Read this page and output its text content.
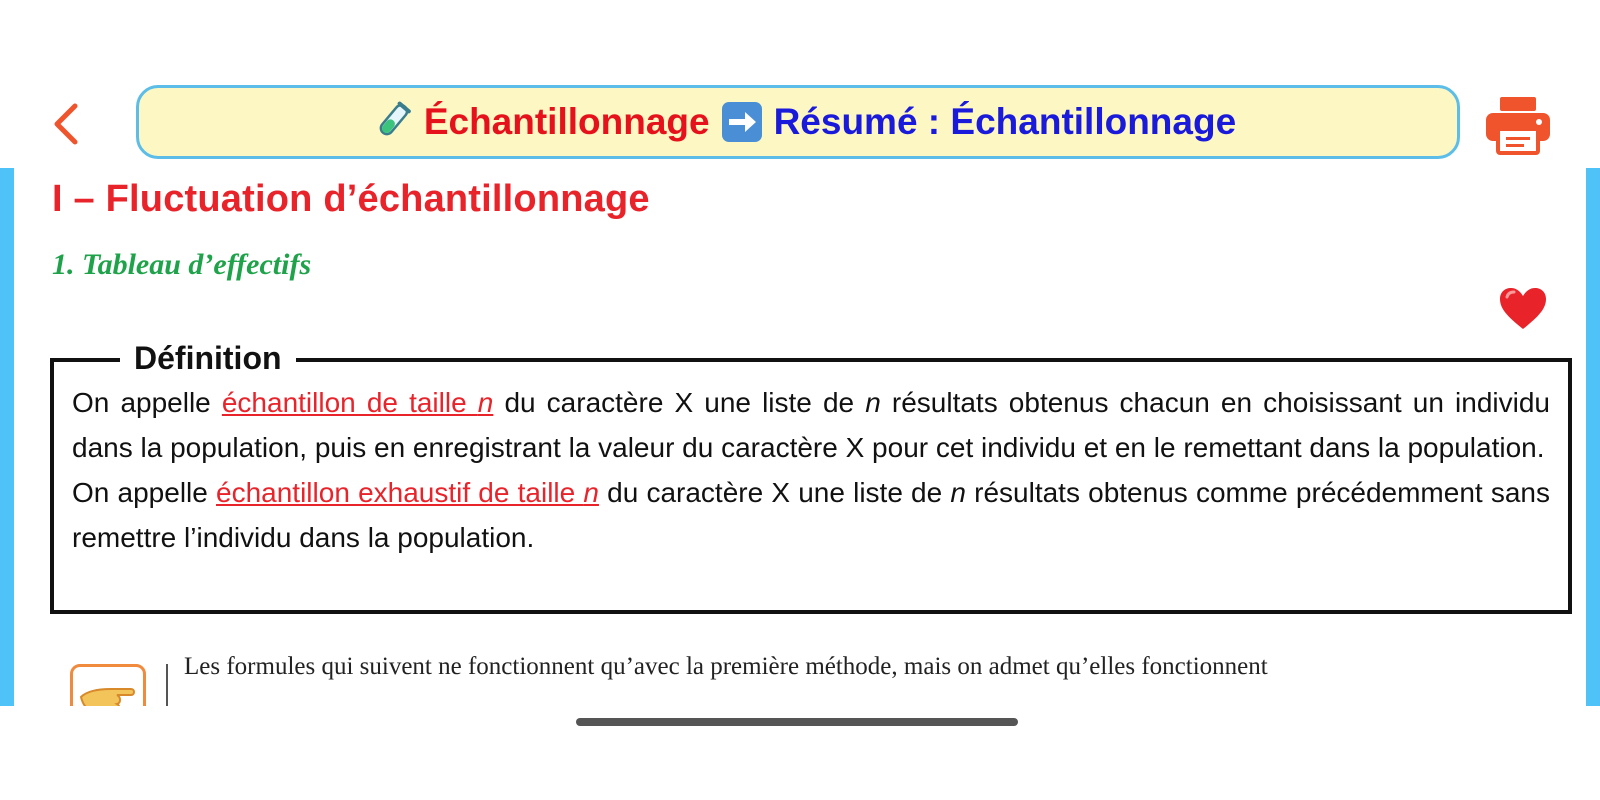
Échantillonnage Résumé : Échantillonnage
I – Fluctuation d’échantillonnage
1. Tableau d’effectifs
Définition

On appelle échantillon de taille n du caractère X une liste de n résultats obtenus chacun en choisissant un individu dans la population, puis en enregistrant la valeur du caractère X pour cet individu et en le remettant dans la population.

On appelle échantillon exhaustif de taille n du caractère X une liste de n résultats obtenus comme précédemment sans remettre l’individu dans la population.

Les formules qui suivent ne fonctionnent qu’avec la première méthode, mais on admet qu’elles fonctionnent
